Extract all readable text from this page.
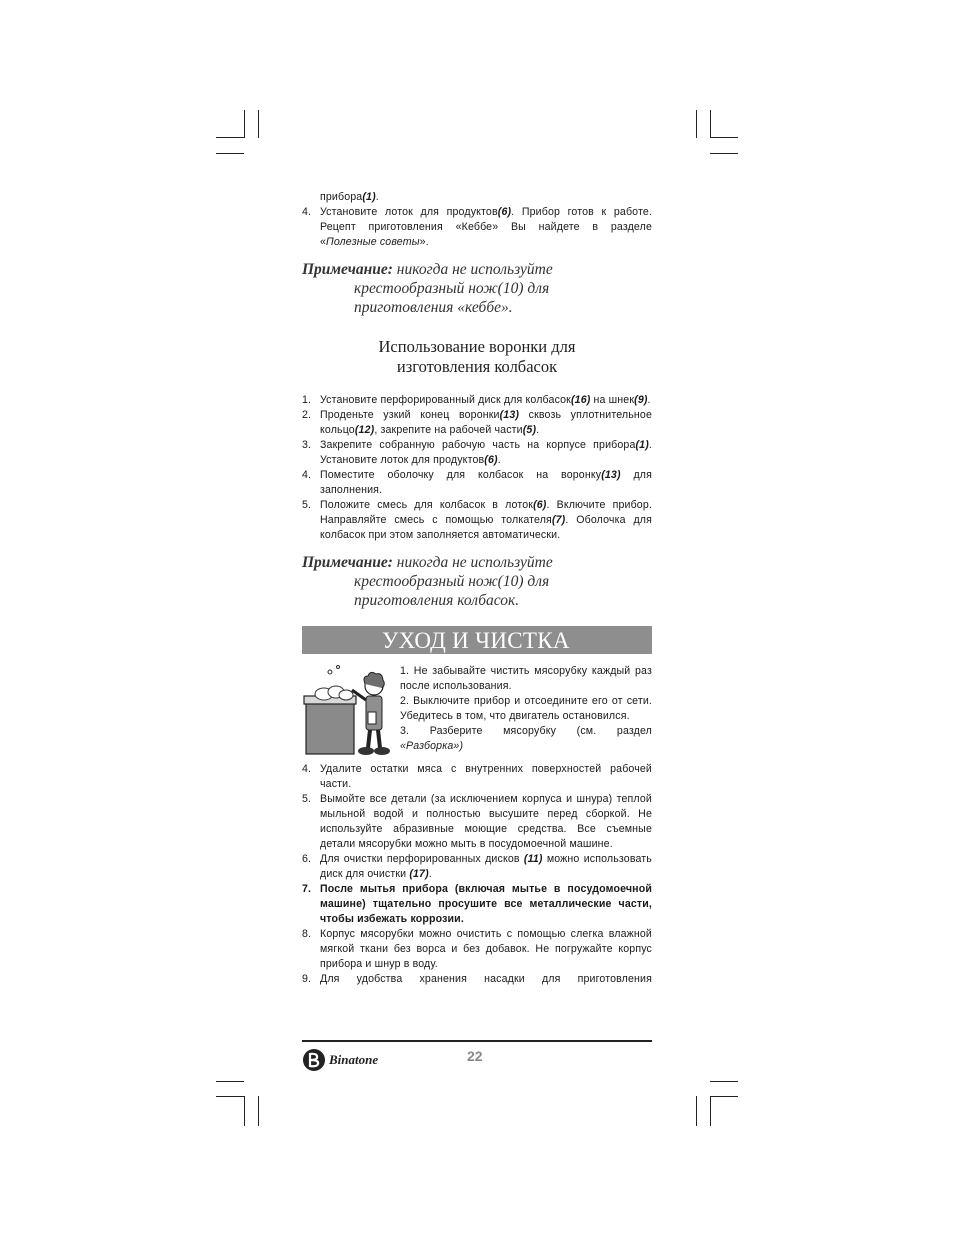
прибора(1).
4. Установите лоток для продуктов(6). Прибор готов к работе. Рецепт приготовления «Кеббе» Вы найдете в разделе «Полезные советы».
Примечание: никогда не используйте
крестообразный нож(10) для
приготовления «кеббе».
Использование воронки для
изготовления колбасок
1. Установите перфорированный диск для колбасок(16) на шнек(9).
2. Проденьте узкий конец воронки(13) сквозь уплотнительное кольцо(12), закрепите на рабочей части(5).
3. Закрепите собранную рабочую часть на корпусе прибора(1). Установите лоток для продуктов(6).
4. Поместите оболочку для колбасок на воронку(13) для заполнения.
5. Положите смесь для колбасок в лоток(6). Включите прибор. Направляйте смесь с помощью толкателя(7). Оболочка для колбасок при этом заполняется автоматически.
Примечание: никогда не используйте
крестообразный нож(10) для
приготовления колбасок.
УХОД И ЧИСТКА
1. Не забывайте чистить мясорубку каждый раз после использования.
2. Выключите прибор и отсоедините его от сети. Убедитесь в том, что двигатель остановился.
3. Разберите мясорубку (см. раздел
«Разборка»)
4. Удалите остатки мяса с внутренних поверхностей рабочей части.
5. Вымойте все детали (за исключением корпуса и шнура) теплой мыльной водой и полностью высушите перед сборкой. Не используйте абразивные моющие средства. Все съемные детали мясорубки можно мыть в посудомоечной машине.
6. Для очистки перфорированных дисков (11) можно использовать диск для очистки (17).
7. После мытья прибора (включая мытье в посудомоечной машине) тщательно просушите все металлические части, чтобы избежать коррозии.
8. Корпус мясорубки можно очистить с помощью слегка влажной мягкой ткани без ворса и без добавок. Не погружайте корпус прибора и шнур в воду.
9. Для удобства хранения насадки для приготовления
Binatone	22
